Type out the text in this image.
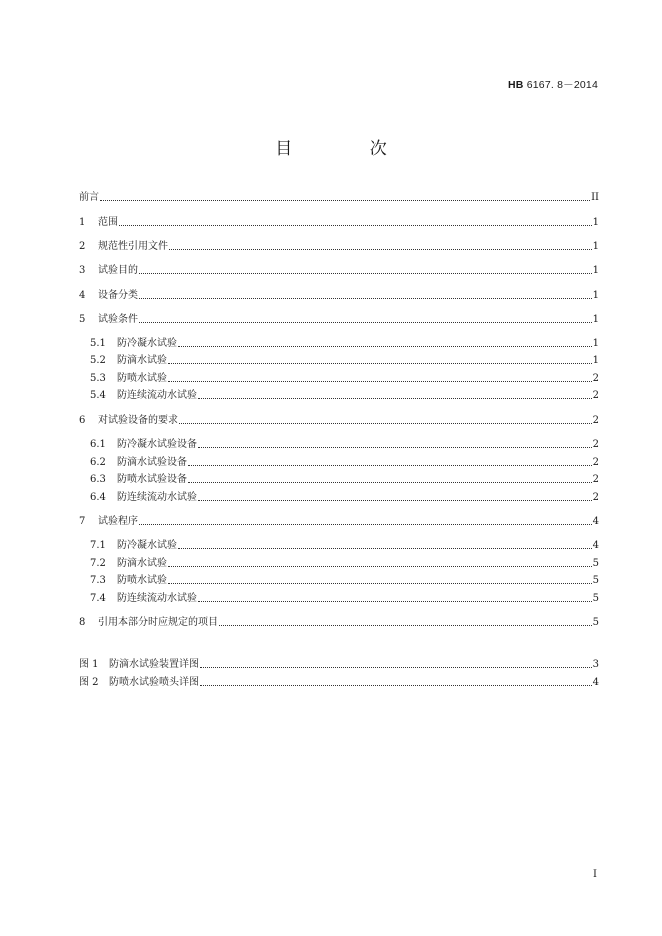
HB 6167. 8－2014
目 次
前言	II
1	范围	1
2	规范性引用文件	1
3	试验目的	1
4	设备分类	1
5	试验条件	1
5.1	防冷凝水试验	1
5.2	防滴水试验	1
5.3	防喷水试验	2
5.4	防连续流动水试验	2
6	对试验设备的要求	2
6.1	防冷凝水试验设备	2
6.2	防滴水试验设备	2
6.3	防喷水试验设备	2
6.4	防连续流动水试验	2
7	试验程序	4
7.1	防冷凝水试验	4
7.2	防滴水试验	5
7.3	防喷水试验	5
7.4	防连续流动水试验	5
8	引用本部分时应规定的项目	5
图 1	防滴水试验装置详图	3
图 2	防喷水试验喷头详图	4
I
